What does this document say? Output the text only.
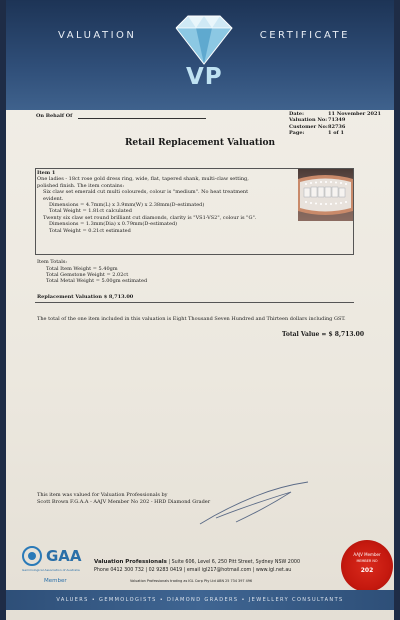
VALUATION	CERTIFICATE
VP
On Behalf Of	Date:	11 November 2021
Valuation No: 71349
Customer No: 82736
Page:	1 of 1
Retail Replacement Valuation
Item 1
One ladies - 18ct rose gold dress ring, wide, flat, tapered shank, multi-claw setting,
polished finish. The item contains:
Six claw set emerald cut multi coloureds, colour is "medium". No heat treatment
evident.
Dimensions = 4.7mm(L) x 3.9mm(W) x 2.38mm(D-estimated)
Total Weight = 1.81ct calculated
Twenty six claw set round brilliant cut diamonds, clarity is "VS1-VS2", colour is "G".
Dimensions = 1.3mm(Dia) x 0.79mm(D-estimated)
Total Weight = 0.21ct estimated
Item Totals:
Total Item Weight = 5.40gm
Total Gemstone Weight = 2.02ct
Total Metal Weight = 5.00gm estimated
Replacement Valuation $ 8,713.00
The total of the one item included in this valuation is Eight Thousand Seven Hundred and Thirteen dollars including GST.
Total Value = $ 8,713.00
This item was valued for Valuation Professionals by
Scott Brown F.G.A.A - AAJV Member No 202 - HRD Diamond Grader
GAA
Gemmological Association of Australia
Member
Valuation Professionals | Suite 606, Level 6, 250 Pitt Street, Sydney NSW 2000
Phone 0412 300 732 | 02 9283 0419 | email igl217@hotmail.com | www.igl.net.au
Valuation Professionals trading as IGL Corp Pty Ltd ABN 25 734 397 496
AAJV Member
MEMBER NO
202
VALUERS • GEMMOLOGISTS • DIAMOND GRADERS • JEWELLERY CONSULTANTS
